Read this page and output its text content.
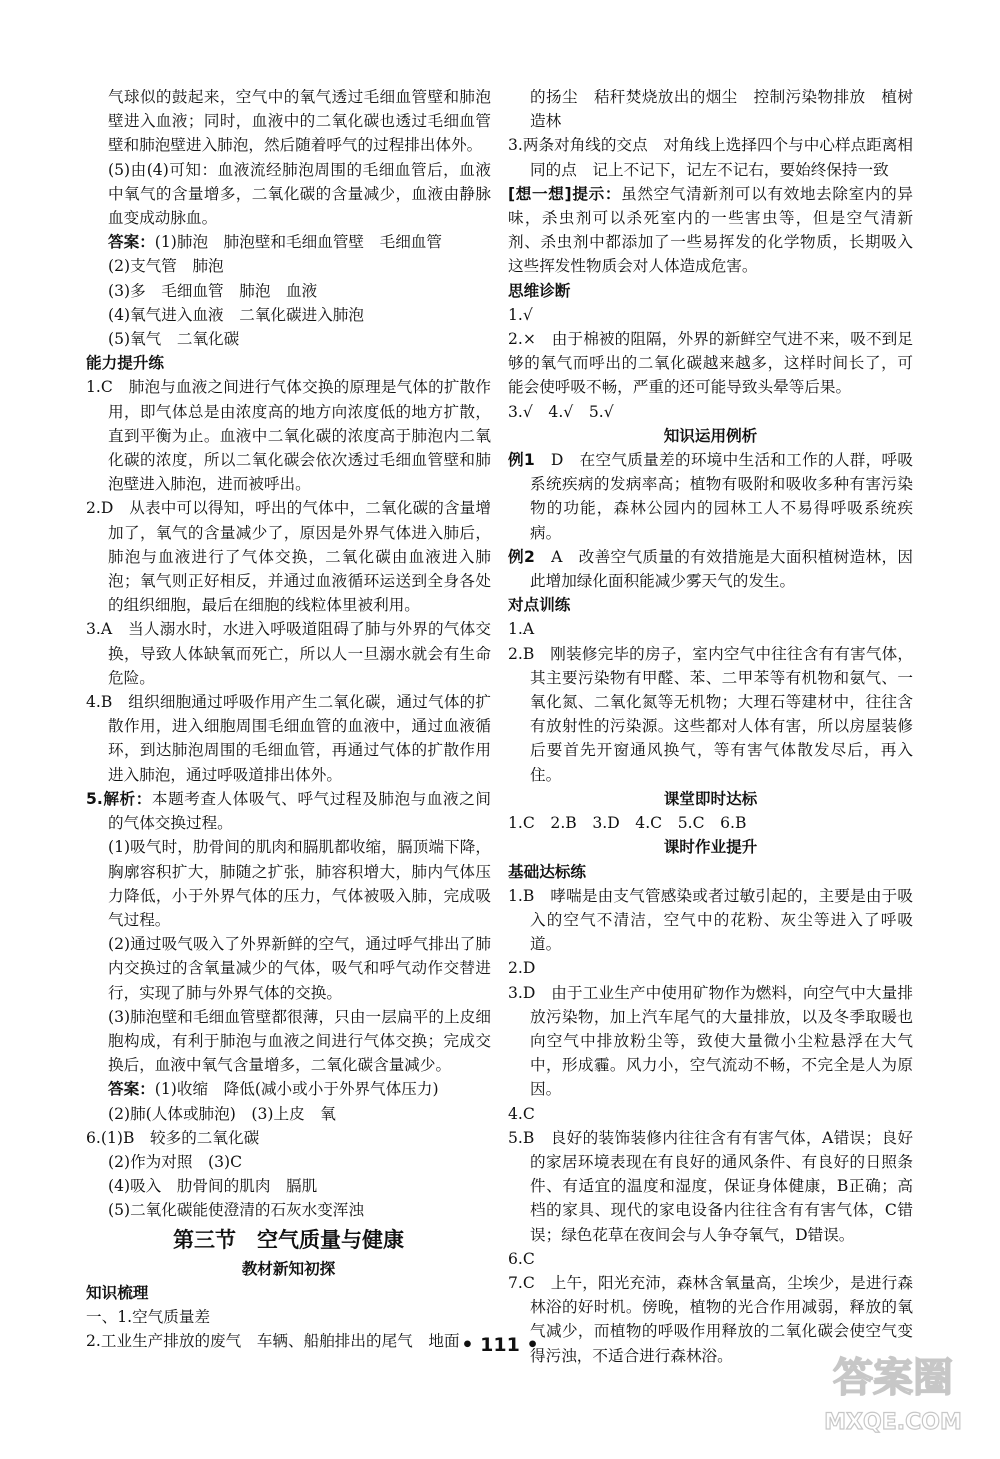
气球似的鼓起来，空气中的氧气透过毛细血管壁和肺泡壁进入血液；同时，血液中的二氧化碳也透过毛细血管壁和肺泡壁进入肺泡，然后随着呼气的过程排出体外。

(5)由(4)可知：血液流经肺泡周围的毛细血管后，血液中氧气的含量增多，二氧化碳的含量减少，血液由静脉血变成动脉血。

答案：(1)肺泡　肺泡壁和毛细血管壁　毛细血管

(2)支气管　肺泡

(3)多　毛细血管　肺泡　血液

(4)氧气进入血液　二氧化碳进入肺泡

(5)氧气　二氧化碳

能力提升练

1.C　肺泡与血液之间进行气体交换的原理是气体的扩散作用，即气体总是由浓度高的地方向浓度低的地方扩散，直到平衡为止。血液中二氧化碳的浓度高于肺泡内二氧化碳的浓度，所以二氧化碳会依次透过毛细血管壁和肺泡壁进入肺泡，进而被呼出。

2.D　从表中可以得知，呼出的气体中，二氧化碳的含量增加了，氧气的含量减少了，原因是外界气体进入肺后，肺泡与血液进行了气体交换，二氧化碳由血液进入肺泡；氧气则正好相反，并通过血液循环运送到全身各处的组织细胞，最后在细胞的线粒体里被利用。

3.A　当人溺水时，水进入呼吸道阻碍了肺与外界的气体交换，导致人体缺氧而死亡，所以人一旦溺水就会有生命危险。

4.B　组织细胞通过呼吸作用产生二氧化碳，通过气体的扩散作用，进入细胞周围毛细血管的血液中，通过血液循环，到达肺泡周围的毛细血管，再通过气体的扩散作用进入肺泡，通过呼吸道排出体外。

5.解析：本题考查人体吸气、呼气过程及肺泡与血液之间的气体交换过程。

(1)吸气时，肋骨间的肌肉和膈肌都收缩，膈顶端下降，胸廓容积扩大，肺随之扩张，肺容积增大，肺内气体压力降低，小于外界气体的压力，气体被吸入肺，完成吸气过程。

(2)通过吸气吸入了外界新鲜的空气，通过呼气排出了肺内交换过的含氧量减少的气体，吸气和呼气动作交替进行，实现了肺与外界气体的交换。

(3)肺泡壁和毛细血管壁都很薄，只由一层扁平的上皮细胞构成，有利于肺泡与血液之间进行气体交换；完成交换后，血液中氧气含量增多，二氧化碳含量减少。

答案：(1)收缩　降低(减小或小于外界气体压力)

(2)肺(人体或肺泡)　(3)上皮　氧

6.(1)B　较多的二氧化碳

(2)作为对照　(3)C

(4)吸入　肋骨间的肌肉　膈肌

(5)二氧化碳能使澄清的石灰水变浑浊

第三节　空气质量与健康

教材新知初探

知识梳理

一、1.空气质量差

2.工业生产排放的废气　车辆、船舶排出的尾气　地面

的扬尘　秸秆焚烧放出的烟尘　控制污染物排放　植树造林

3.两条对角线的交点　对角线上选择四个与中心样点距离相同的点　记上不记下，记左不记右，要始终保持一致

[想一想]提示：虽然空气清新剂可以有效地去除室内的异味，杀虫剂可以杀死室内的一些害虫等，但是空气清新剂、杀虫剂中都添加了一些易挥发的化学物质，长期吸入这些挥发性物质会对人体造成危害。

思维诊断

1.√

2.×　由于棉被的阻隔，外界的新鲜空气进不来，吸不到足够的氧气而呼出的二氧化碳越来越多，这样时间长了，可能会使呼吸不畅，严重的还可能导致头晕等后果。

3.√　4.√　5.√

知识运用例析

例1　D　在空气质量差的环境中生活和工作的人群，呼吸系统疾病的发病率高；植物有吸附和吸收多种有害污染物的功能，森林公园内的园林工人不易得呼吸系统疾病。

例2　A　改善空气质量的有效措施是大面积植树造林，因此增加绿化面积能减少雾天气的发生。

对点训练

1.A

2.B　刚装修完毕的房子，室内空气中往往含有有害气体，其主要污染物有甲醛、苯、二甲苯等有机物和氨气、一氧化氮、二氧化氮等无机物；大理石等建材中，往往含有放射性的污染源。这些都对人体有害，所以房屋装修后要首先开窗通风换气，等有害气体散发尽后，再入住。

课堂即时达标

1.C　2.B　3.D　4.C　5.C　6.B

课时作业提升

基础达标练

1.B　哮喘是由支气管感染或者过敏引起的，主要是由于吸入的空气不清洁，空气中的花粉、灰尘等进入了呼吸道。

2.D

3.D　由于工业生产中使用矿物作为燃料，向空气中大量排放污染物，加上汽车尾气的大量排放，以及冬季取暖也向空气中排放粉尘等，致使大量微小尘粒悬浮在大气中，形成霾。风力小，空气流动不畅，不完全是人为原因。

4.C

5.B　良好的装饰装修内往往含有有害气体，A错误；良好的家居环境表现在有良好的通风条件、有良好的日照条件、有适宜的温度和湿度，保证身体健康，B正确；高档的家具、现代的家电设备内往往含有有害气体，C错误；绿色花草在夜间会与人争夺氧气，D错误。

6.C

7.C　上午，阳光充沛，森林含氧量高，尘埃少，是进行森林浴的好时机。傍晚，植物的光合作用减弱，释放的氧气减少，而植物的呼吸作用释放的二氧化碳会使空气变得污浊，不适合进行森林浴。

• 111 •
答案圈
MXQE.COM
